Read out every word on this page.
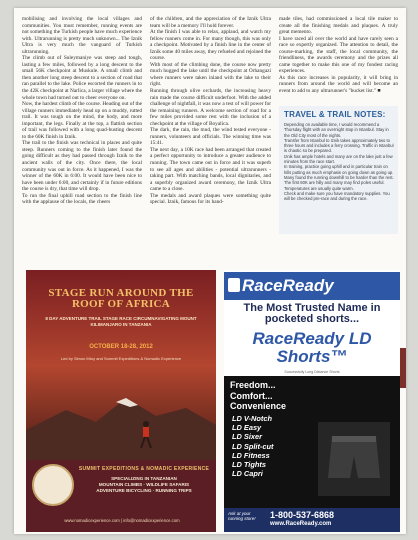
mobilising and involving the local villages and communities. You must remember, running events are not something the Turkish people have much experience with. Ultrarunning is pretty much unknown... The Iznik Ultra is very much the vanguard of Turkish ultrarunning.
The climb out of Suleymaniye was steep and tough, lasting a few miles, followed by a long descent to the small 56K checkpoint at Muskule. A small climb and then another long steep descent to a section of road that ran parallel to the lake. Police escorted the runners in to the 42K checkpoint at Narlica, a larger village where the whole town had turned out to cheer everyone on.
Now, the hardest climb of the course. Heading out of the village runners immediately head up on a muddy, rutted trail. It was tough on the mind, the body, and more important, the legs. Finally at the top, a flattish section of trail was followed with a long quad-busting descent to the 60K finish in Iznik.
The trail to the finish was technical in places and quite steep. Runners coming to the finish later found the going difficult as they had passed through Iznik to the ancient walls of the city. Once there, the local community was out in force. As it happened, I was the winner of the 60K in 6:00. It would have been nice to have been under 6:00, and certainly if in future editions the course is dry, that time will drop.
To run the final uphill road section to the finish line with the applause of the locals, the cheers
of the children, and the appreciation of the Iznik Ultra team will be a memory I'll hold forever.
At the finish I was able to relax, applaud, and watch my fellow runners come in. For many though, this was only a checkpoint. Motivated by a finish line in the center of Iznik some 40 miles away, they refueled and rejoined the course.
With most of the climbing done, the course now pretty much hugged the lake until the checkpoint at Orhangazi where runners were taken inland with the lake to their right.
Running through olive orchards, the increasing heavy rain made the course difficult underfoot. With the added challenge of nightfall, it was now a test of will power for the remaining runners. A welcome section of road for a few miles provided some rest with the inclusion of a checkpoint at the village of Boyalica.
The dark, the rain, the mud, the wind tested everyone - runners, volunteers and officials. The winning time was 15:41.
The next day, a 10K race had been arranged that created a perfect opportunity to introduce a greater audience to running. The town came out in force and it was superb to see all ages and abilities - potential ultrarunners - taking part. With matching bands, local dignitaries, and a superbly organized award ceremony, the Iznik Ultra came to a close.
The medals and award plaques were something quite special. Iznik, famous for its hand-
made tiles, had commissioned a local tile maker to create all the finishing medals and plaques. A truly great memento.
I have raced all over the world and have rarely seen a race so expertly organized. The attention to detail, the course-marking, the staff, the local community, the friendliness, the awards ceremony and the prizes all came together to make this one of my fondest racing experiences.
As this race increases in popularity, it will bring in runners from around the world and will become an event to add to any ultrarunner's "bucket list." ■
TRAVEL & TRAIL NOTES:
Depending on available time, I would recommend a Thursday flight with an overnight stop in Istanbul. Stay in the Old City most of the nights.
Transfer from Istanbul to Iznik takes approximately two to three hours and includes a ferry crossing. Traffic in Istanbul is chaotic so be prepared.
Iznik has ample hotels and many are on the lake just a few minutes from the race start.
In training, practice going uphill and in particular train on hills putting as much emphasis on going down as going up. Many found the running downhill to be harder than the rest. The first 60K are hilly and many may find poles useful.
Temperatures are usually quite warm.
Check and make sure you have mandatory supplies. You will be checked pre-race and during the race.
STAGE RUN AROUND THE ROOF OF AFRICA
8 DAY ADVENTURE TRAIL STAGE RACE CIRCUMNAVIGATING MOUNT KILIMANJARO IN TANZANIA
OCTOBER 18-28, 2012
Led by Simon Mtuy and Summit Expeditions & Nomadic Experience
SUMMIT EXPEDITIONS & NOMADIC EXPERIENCE
SPECIALIZING IN TANZANIAN
MOUNTAIN CLIMBS · WILDLIFE SAFARIS
ADVENTURE BICYCLING · RUNNING TRIPS
www.nomadicexperience.com | info@nomadicexperience.com
RaceReady
The Most Trusted Name in pocketed shorts...
RaceReady LD Shorts™
Successfully Long Distance Shorts
Freedom...
Comfort...
Convenience
LD V-Notch
LD Easy
LD Sixer
LD Split-cut
LD Fitness
LD Tights
LD Capri
Ask at your
running store!	1-800-537-6868
www.RaceReady.com
